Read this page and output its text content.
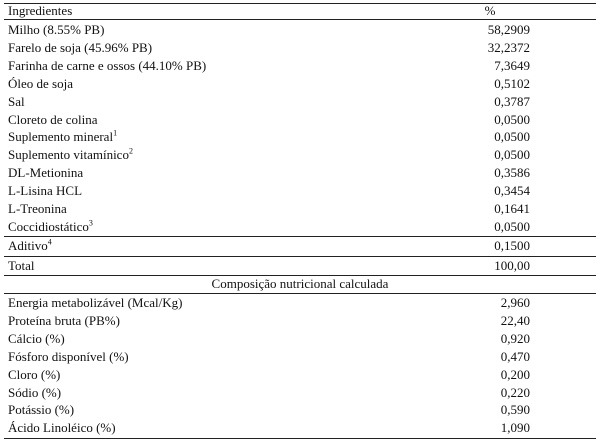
Ingredientes	%
Milho (8.55% PB)	58,2909
Farelo de soja (45.96% PB)	32,2372
Farinha de carne e ossos (44.10% PB)	7,3649
Óleo de soja	0,5102
Sal	0,3787
Cloreto de colina	0,0500
Suplemento mineral$^1$	0,0500
Suplemento vitamínico$^2$	0,0500
DL-Metionina	0,3586
L-Lisina HCL	0,3454
L-Treonina	0,1641
Coccidiostático$^3$	0,0500
Aditivo$^4$	0,1500
Total	100,00
Composição nutricional calculada
Energia metabolizável (Mcal/Kg)	2,960
Proteína bruta (PB%)	22,40
Cálcio (%)	0,920
Fósforo disponível (%)	0,470
Cloro (%)	0,200
Sódio (%)	0,220
Potássio (%)	0,590
Ácido Linoléico (%)	1,090
